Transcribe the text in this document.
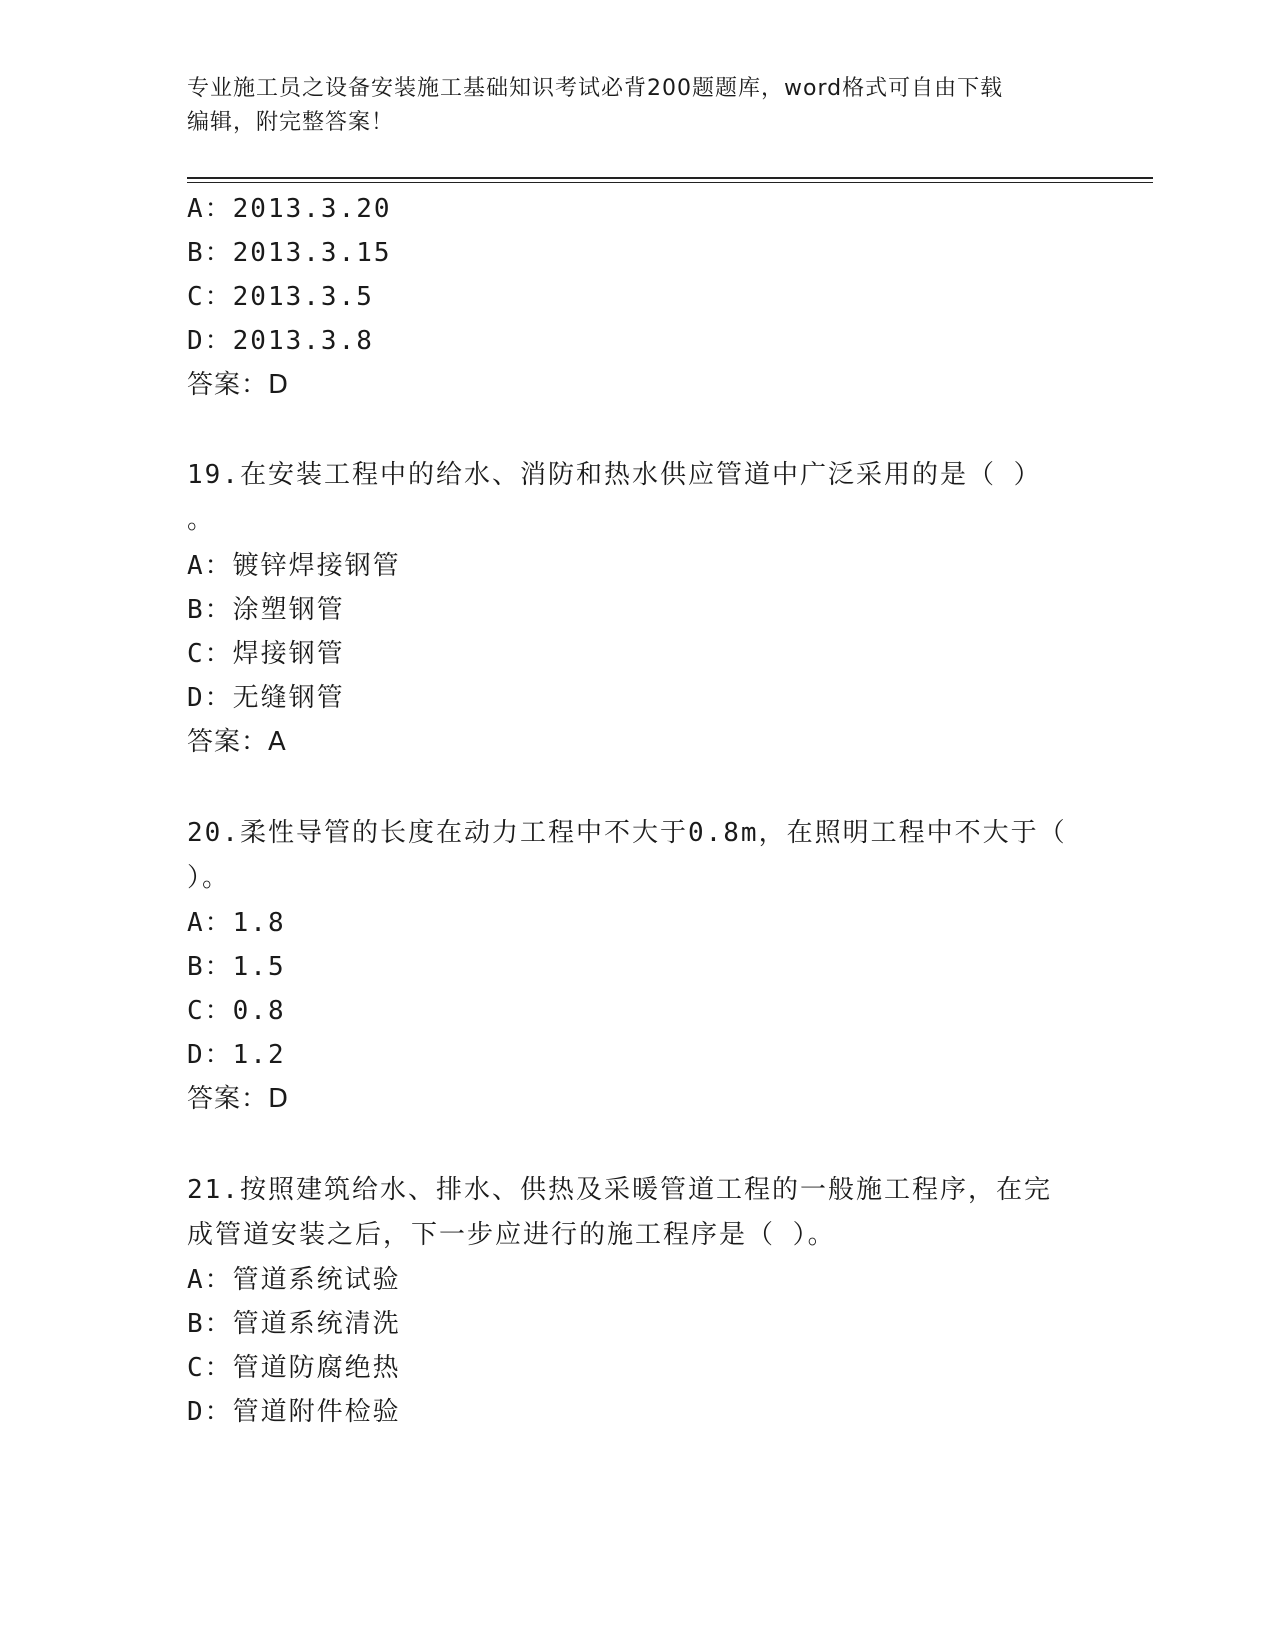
专业施工员之设备安装施工基础知识考试必背200题题库，word格式可自由下载
编辑，附完整答案！
A：2013.3.20
B：2013.3.15
C：2013.3.5
D：2013.3.8
答案：D
19.在安装工程中的给水、消防和热水供应管道中广泛采用的是（ ）
。
A：镀锌焊接钢管
B：涂塑钢管
C：焊接钢管
D：无缝钢管
答案：A
20.柔性导管的长度在动力工程中不大于0.8m，在照明工程中不大于（
）。
A：1.8
B：1.5
C：0.8
D：1.2
答案：D
21.按照建筑给水、排水、供热及采暖管道工程的一般施工程序，在完
成管道安装之后，下一步应进行的施工程序是（ ）。
A：管道系统试验
B：管道系统清洗
C：管道防腐绝热
D：管道附件检验
